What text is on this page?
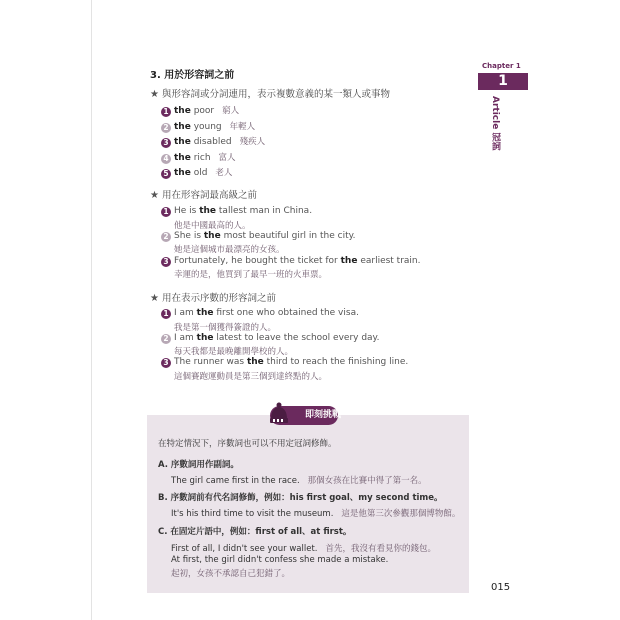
3. 用於形容詞之前
★ 與形容詞或分詞連用，表示複數意義的某一類人或事物
1 the poor 窮人
2 the young 年輕人
3 the disabled 殘疾人
4 the rich 富人
5 the old 老人
★ 用在形容詞最高級之前
1 He is the tallest man in China.
他是中國最高的人。
2 She is the most beautiful girl in the city.
她是這個城市最漂亮的女孩。
3 Fortunately, he bought the ticket for the earliest train.
幸運的是，他買到了最早一班的火車票。
★ 用在表示序數的形容詞之前
1 I am the first one who obtained the visa.
我是第一個獲得簽證的人。
2 I am the latest to leave the school every day.
每天我都是最晚離開學校的人。
3 The runner was the third to reach the finishing line.
這個賽跑運動員是第三個到達終點的人。
在特定情況下，序數詞也可以不用定冠詞修飾。
A. 序數詞用作副詞。
The girl came first in the race. 那個女孩在比賽中得了第一名。
B. 序數詞前有代名詞修飾，例如：his first goal、my second time。
It's his third time to visit the museum. 這是他第三次參觀那個博物館。
C. 在固定片語中，例如：first of all、at first。
First of all, I didn't see your wallet. 首先，我沒有看見你的錢包。
At first, the girl didn't confess she made a mistake.
起初，女孩不承認自己犯錯了。
即刻挑戰
Chapter 1
1
Article 冠詞
015
